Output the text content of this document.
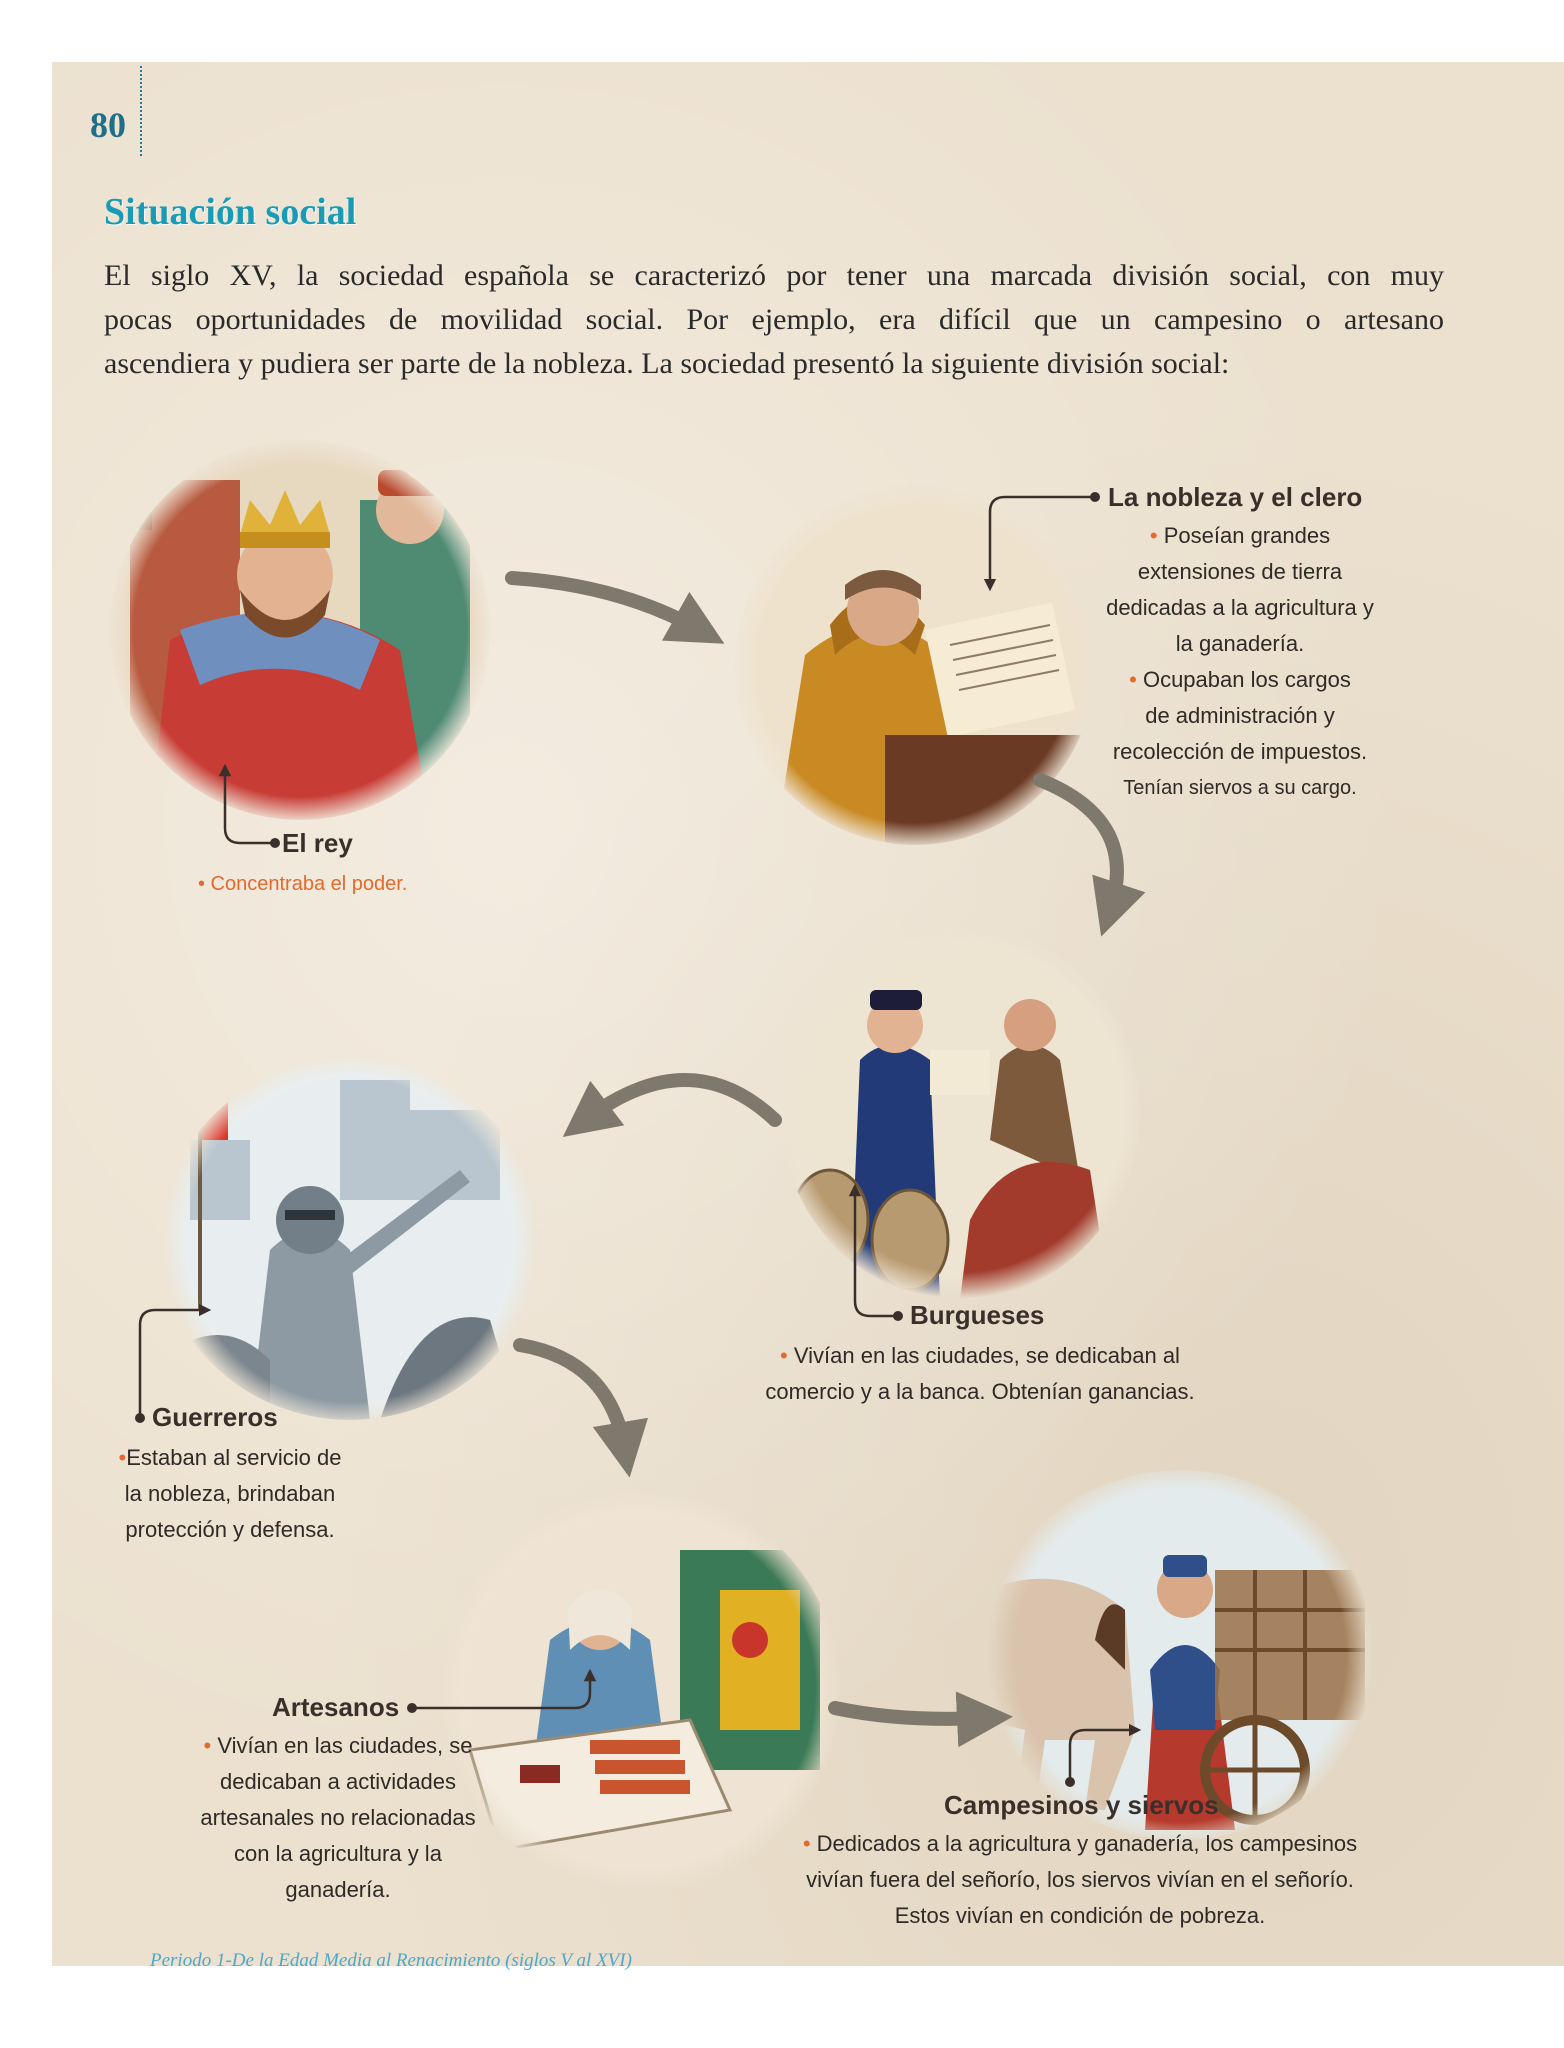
80
Situación social
El siglo XV, la sociedad española se caracterizó por tener una marcada división social, con muy
pocas oportunidades de movilidad social. Por ejemplo, era difícil que un campesino o artesano
ascendiera y pudiera ser parte de la nobleza. La sociedad presentó la siguiente división social:
El rey
• Concentraba el poder.
La nobleza y el clero
• Poseían grandes
extensiones de tierra
dedicadas a la agricultura y
la ganadería.
• Ocupaban los cargos
de administración y
recolección de impuestos.
Tenían siervos a su cargo.
Burgueses
• Vivían en las ciudades, se dedicaban al
comercio y a la banca. Obtenían ganancias.
Guerreros
•Estaban al servicio de
la nobleza, brindaban
protección y defensa.
Artesanos
• Vivían en las ciudades, se
dedicaban a actividades
artesanales no relacionadas
con la agricultura y la
ganadería.
Campesinos y siervos
• Dedicados a la agricultura y ganadería, los campesinos
vivían fuera del señorío, los siervos vivían en el señorío.
Estos vivían en condición de pobreza.
Periodo 1-De la Edad Media al Renacimiento (siglos V al XVI)
